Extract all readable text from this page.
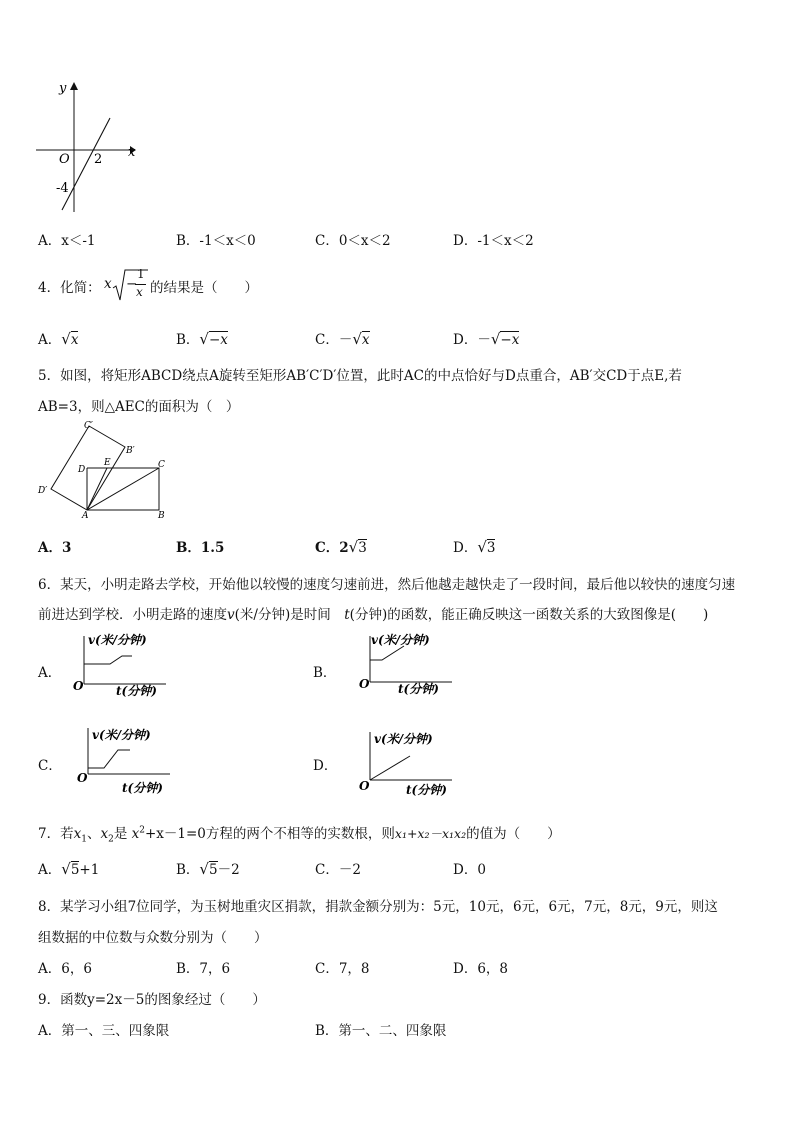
y
x
O 2
-4
A．x＜-1	B．-1＜x＜0	C．0＜x＜2	D．-1＜x＜2
4．化简： x −
1
x 的结果是（　　）
A．√x	B．√−x	C．－√x	D．－√−x
5．如图，将矩形ABCD绕点A旋转至矩形AB′C′D′位置，此时AC的中点恰好与D点重合，AB′交CD于点E,若
AB=3，则△AEC的面积为（　）
C′
B′
D
E	C
D′
A	B
A．3	B．1.5	C．2√3	D．√3
6．某天，小明走路去学校，开始他以较慢的速度匀速前进，然后他越走越快走了一段时间，最后他以较快的速度匀速
前进达到学校．小明走路的速度v(米/分钟)是时间　 t(分钟)的函数，能正确反映这一函数关系的大致图像是(　　)
A．
v(米/分钟)
t(分钟)
O
B．
v(米/分钟)
t(分钟)
O
C．
v(米/分钟)
t(分钟)
O
D．
v(米/分钟)
t(分钟)
O
7．若$x_1$、$x_2$是 $x^2+x-1=0$方程的两个不相等的实数根，则x₁+x₂－x₁x₂的值为（　　）
A．√5+1	B．√5－2	C．－2	D．0
8．某学习小组7位同学，为玉树地重灾区捐款，捐款金额分别为：5元，10元，6元，6元，7元，8元，9元，则这
组数据的中位数与众数分别为（　　）
A．6，6	B．7，6	C．7，8	D．6，8
9．函数y=2x－5的图象经过（　　）
A．第一、三、四象限	B．第一、二、四象限
